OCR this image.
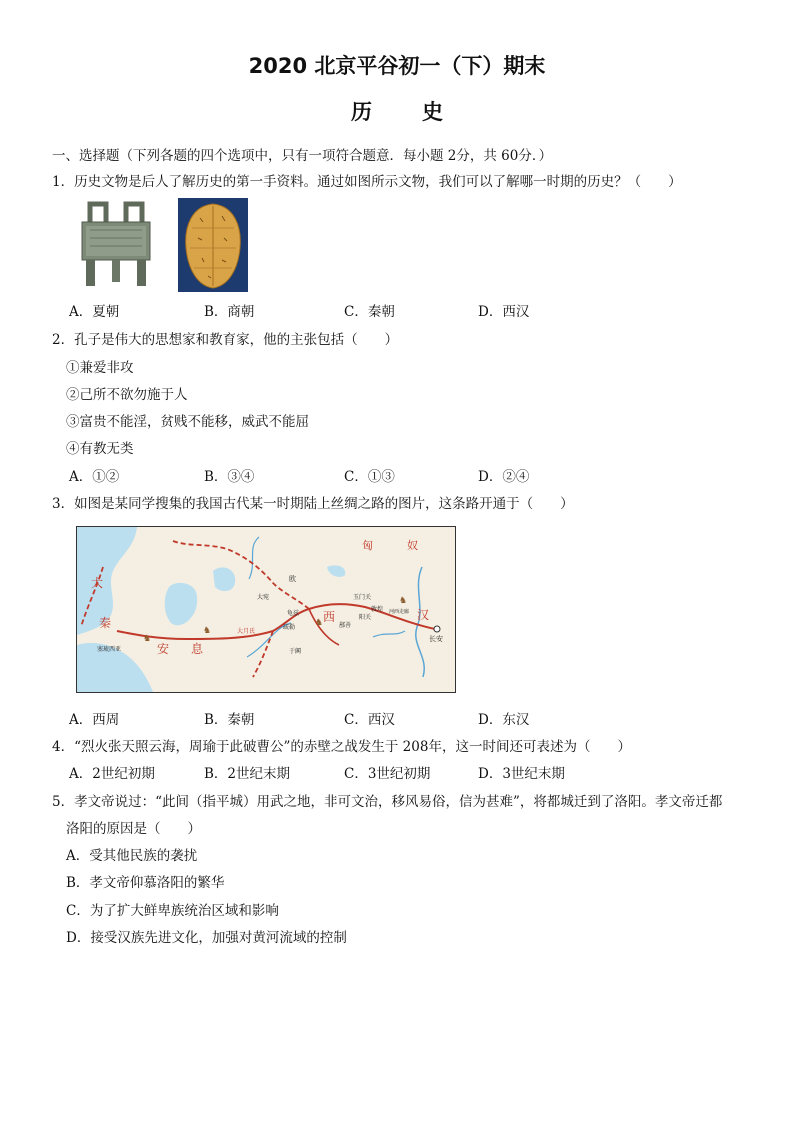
2020 北京平谷初一（下）期末
历史
一、选择题（下列各题的四个选项中，只有一项符合题意．每小题 2分，共 60分．）
1．历史文物是后人了解历史的第一手资料。通过如图所示文物，我们可以了解哪一时期的历史？（　　）
A．夏朝	B．商朝	C．秦朝	D．西汉
2．孔子是伟大的思想家和教育家，他的主张包括（　　）
①兼爱非攻
②己所不欲勿施于人
③富贵不能淫，贫贱不能移，威武不能屈
④有教无类
A．①②	B．③④	C．①③	D．②④
3．如图是某同学搜集的我国古代某一时期陆上丝绸之路的图片，这条路开通于（　　）
匈	奴
大
秦
安 息
西	汉
长安
玉门关
敦煌
阳关
河西走廊
鄯善
于阗
龟兹
疏勒
大宛
大月氏
欧
塞琉西亚
♞
♞
♞
♞
A．西周	B．秦朝	C．西汉	D．东汉
4．“烈火张天照云海，周瑜于此破曹公”的赤壁之战发生于 208年，这一时间还可表述为（　　）
A．2世纪初期	B．2世纪末期	C．3世纪初期	D．3世纪末期
5．孝文帝说过：“此间（指平城）用武之地，非可文治，移风易俗，信为甚难”，将都城迁到了洛阳。孝文帝迁都
洛阳的原因是（　　）
A．受其他民族的袭扰
B．孝文帝仰慕洛阳的繁华
C．为了扩大鲜卑族统治区域和影响
D．接受汉族先进文化，加强对黄河流域的控制
